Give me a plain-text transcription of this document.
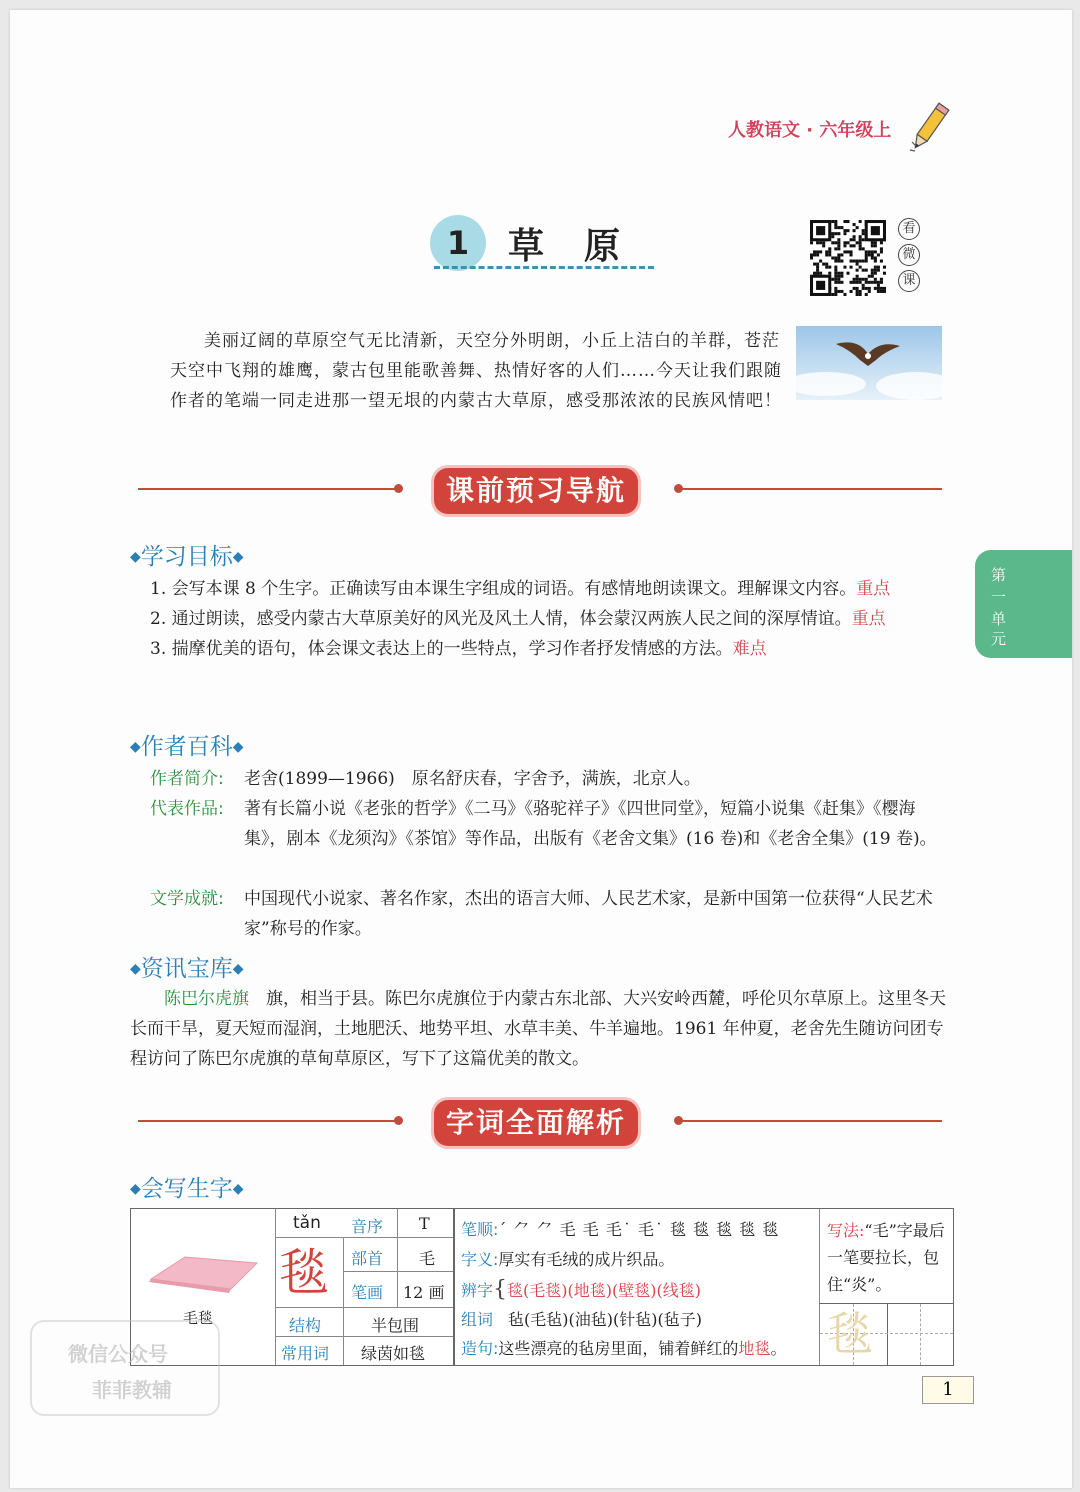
人教语文 · 六年级上
1	草原	看
微
课
美丽辽阔的草原空气无比清新，天空分外明朗，小丘上洁白的羊群，苍茫天空中飞翔的雄鹰，蒙古包里能歌善舞、热情好客的人们……今天让我们跟随作者的笔端一同走进那一望无垠的内蒙古大草原，感受那浓浓的民族风情吧！
课前预习导航
◆学习目标◆
1. 会写本课 8 个生字。正确读写由本课生字组成的词语。有感情地朗读课文。理解课文内容。重点
2. 通过朗读，感受内蒙古大草原美好的风光及风土人情，体会蒙汉两族人民之间的深厚情谊。重点
3. 揣摩优美的语句，体会课文表达上的一些特点，学习作者抒发情感的方法。难点
第
一
单
元
◆作者百科◆
作者简介:	老舍(1899—1966)　原名舒庆春，字舍予，满族，北京人。
代表作品:	著有长篇小说《老张的哲学》《二马》《骆驼祥子》《四世同堂》，短篇小说集《赶集》《樱海集》，剧本《龙须沟》《茶馆》等作品，出版有《老舍文集》(16 卷)和《老舍全集》(19 卷)。
文学成就:	中国现代小说家、著名作家，杰出的语言大师、人民艺术家，是新中国第一位获得“人民艺术家”称号的作家。
◆资讯宝库◆
陈巴尔虎旗　旗，相当于县。陈巴尔虎旗位于内蒙古东北部、大兴安岭西麓，呼伦贝尔草原上。这里冬天长而干旱，夏天短而湿润，土地肥沃、地势平坦、水草丰美、牛羊遍地。1961 年仲夏，老舍先生随访问团专程访问了陈巴尔虎旗的草甸草原区，写下了这篇优美的散文。
字词全面解析
◆会写生字◆
毛毯
tǎn
毯
音序 T
部首 毛
笔画 12 画
结构	半包围
常用词 绿茵如毯
笔顺:ˊ ⺈ ⺈ 毛 毛 毛˙ 毛˙ 毯 毯 毯 毯 毯
字义:厚实有毛绒的成片织品。
辨字{毯(毛毯)(地毯)(壁毯)(线毯)
组词 毡(毛毡)(油毡)(针毡)(毡子)
造句:这些漂亮的毡房里面，铺着鲜红的地毯。
写法:“毛”字最后一笔要拉长，包住“炎”。
毯
微信公众号
菲菲教辅	1
